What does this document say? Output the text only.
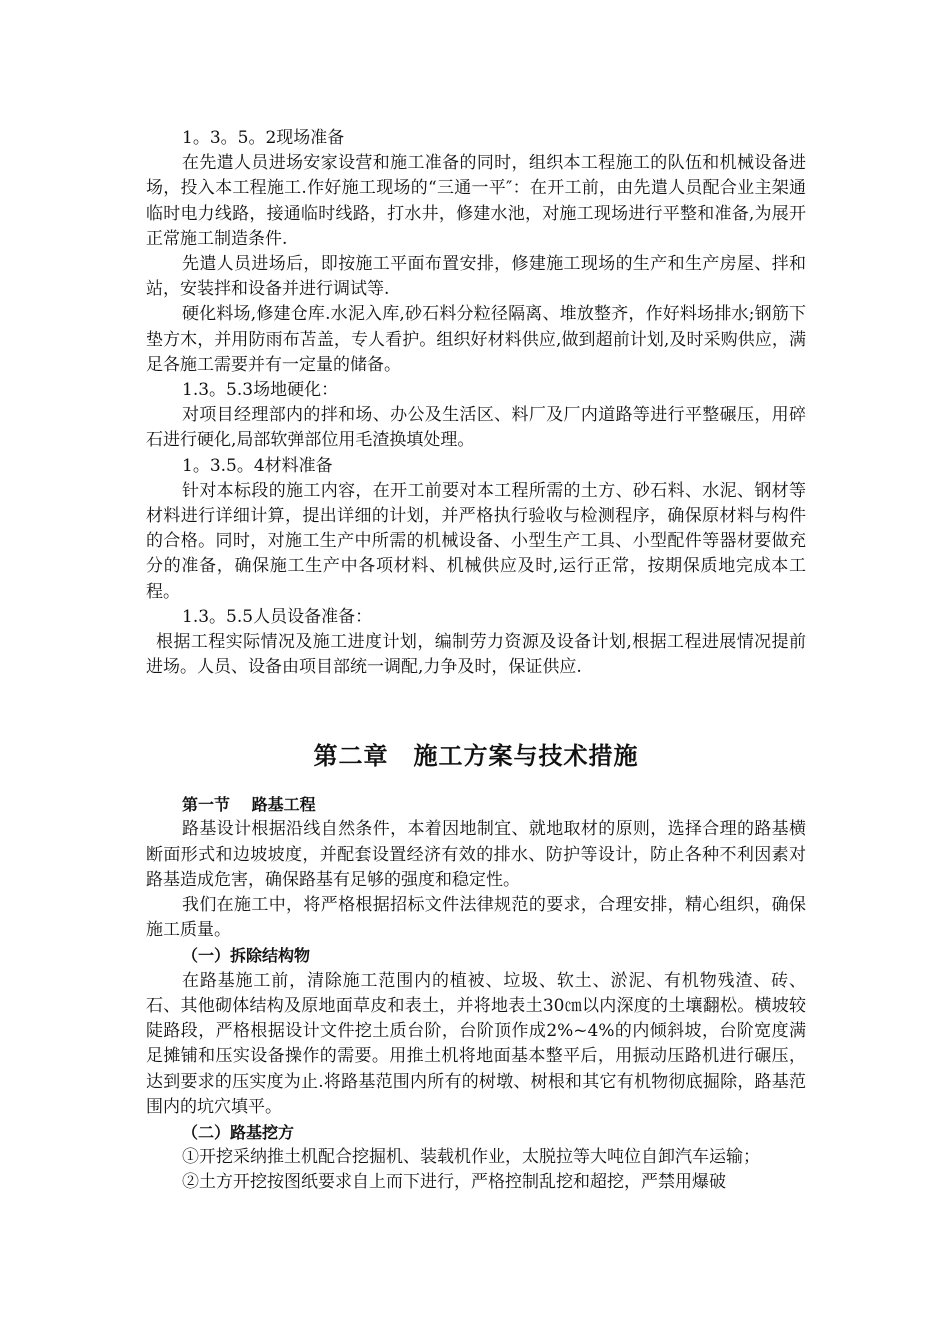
1。3。5。2现场准备

在先遣人员进场安家设营和施工准备的同时，组织本工程施工的队伍和机械设备进场，投入本工程施工.作好施工现场的“三通一平″：在开工前，由先遣人员配合业主架通临时电力线路，接通临时线路，打水井，修建水池，对施工现场进行平整和准备,为展开正常施工制造条件.

先遣人员进场后，即按施工平面布置安排，修建施工现场的生产和生产房屋、拌和站，安装拌和设备并进行调试等.

硬化料场,修建仓库.水泥入库,砂石料分粒径隔离、堆放整齐，作好料场排水;钢筋下垫方木，并用防雨布苫盖，专人看护。组织好材料供应,做到超前计划,及时采购供应，满足各施工需要并有一定量的储备。

1.3。5.3场地硬化：

对项目经理部内的拌和场、办公及生活区、料厂及厂内道路等进行平整碾压，用碎石进行硬化,局部软弹部位用毛渣换填处理。

1。3.5。4材料准备

针对本标段的施工内容，在开工前要对本工程所需的土方、砂石料、水泥、钢材等材料进行详细计算，提出详细的计划，并严格执行验收与检测程序，确保原材料与构件的合格。同时，对施工生产中所需的机械设备、小型生产工具、小型配件等器材要做充分的准备，确保施工生产中各项材料、机械供应及时,运行正常，按期保质地完成本工程。

1.3。5.5人员设备准备：

根据工程实际情况及施工进度计划，编制劳力资源及设备计划,根据工程进展情况提前进场。人员、设备由项目部统一调配,力争及时，保证供应.

第二章　施工方案与技术措施
第一节　 路基工程

路基设计根据沿线自然条件，本着因地制宜、就地取材的原则，选择合理的路基横断面形式和边坡坡度，并配套设置经济有效的排水、防护等设计，防止各种不利因素对路基造成危害，确保路基有足够的强度和稳定性。

我们在施工中，将严格根据招标文件法律规范的要求，合理安排，精心组织，确保施工质量。

（一）拆除结构物

在路基施工前，清除施工范围内的植被、垃圾、软土、淤泥、有机物残渣、砖、石、其他砌体结构及原地面草皮和表土，并将地表土30㎝以内深度的土壤翻松。横坡较陡路段，严格根据设计文件挖土质台阶，台阶顶作成2%~4%的内倾斜坡，台阶宽度满足摊铺和压实设备操作的需要。用推土机将地面基本整平后，用振动压路机进行碾压，达到要求的压实度为止.将路基范围内所有的树墩、树根和其它有机物彻底掘除，路基范围内的坑穴填平。

（二）路基挖方

①开挖采纳推土机配合挖掘机、装载机作业，太脱拉等大吨位自卸汽车运输；

②土方开挖按图纸要求自上而下进行，严格控制乱挖和超挖，严禁用爆破
